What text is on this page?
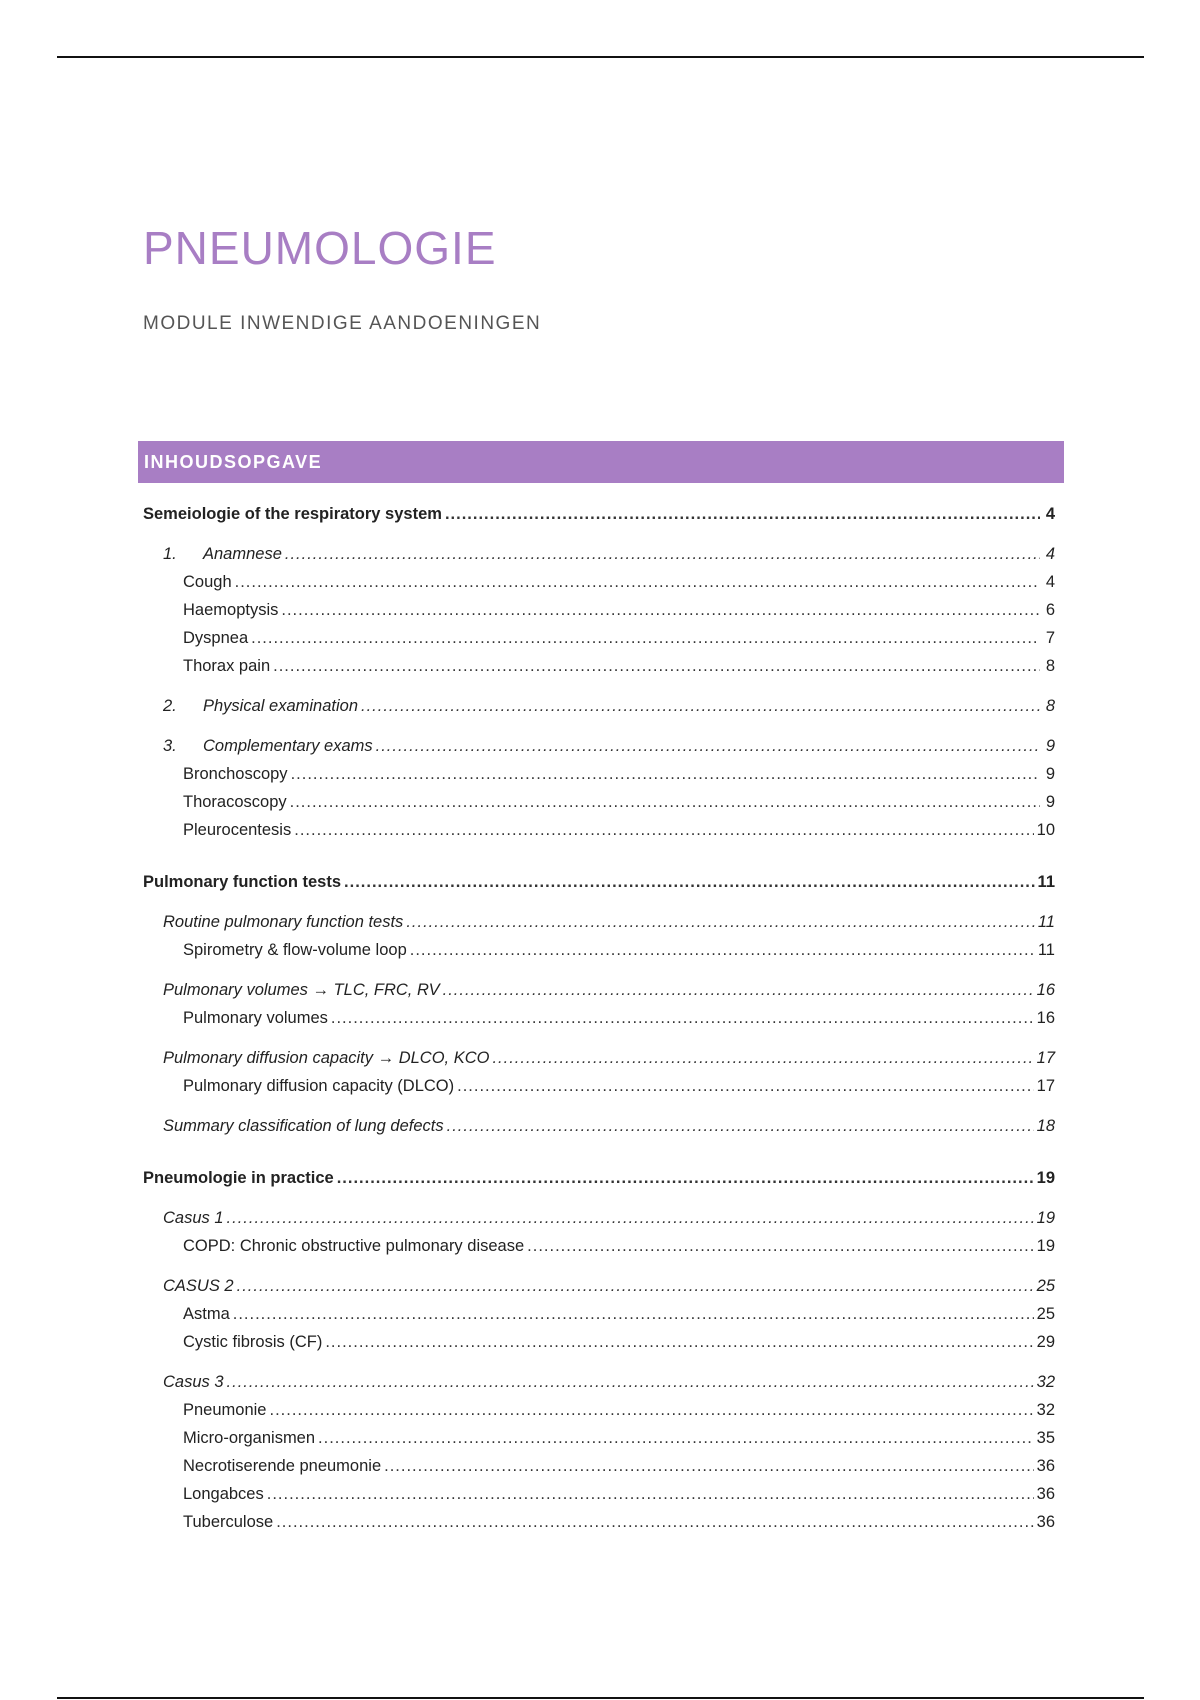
PNEUMOLOGIE

MODULE INWENDIGE AANDOENINGEN

INHOUDSOPGAVE
Semeiologie of the respiratory system .....	4
1. Anamnese .....	4
Cough .....	4
Haemoptysis .....	6
Dyspnea .....	7
Thorax pain .....	8
2. Physical examination .....	8
3. Complementary exams .....	9
Bronchoscopy .....	9
Thoracoscopy .....	9
Pleurocentesis .....	10
Pulmonary function tests .....	11
Routine pulmonary function tests .....	11
Spirometry & flow-volume loop .....	11
Pulmonary volumes → TLC, FRC, RV .....	16
Pulmonary volumes .....	16
Pulmonary diffusion capacity → DLCO, KCO .....	17
Pulmonary diffusion capacity (DLCO) .....	17
Summary classification of lung defects .....	18
Pneumologie in practice .....	19
Casus 1 .....	19
COPD: Chronic obstructive pulmonary disease .....	19
CASUS 2 .....	25
Astma .....	25
Cystic fibrosis (CF) .....	29
Casus 3 .....	32
Pneumonie .....	32
Micro-organismen .....	35
Necrotiserende pneumonie .....	36
Longabces .....	36
Tuberculose .....	36
